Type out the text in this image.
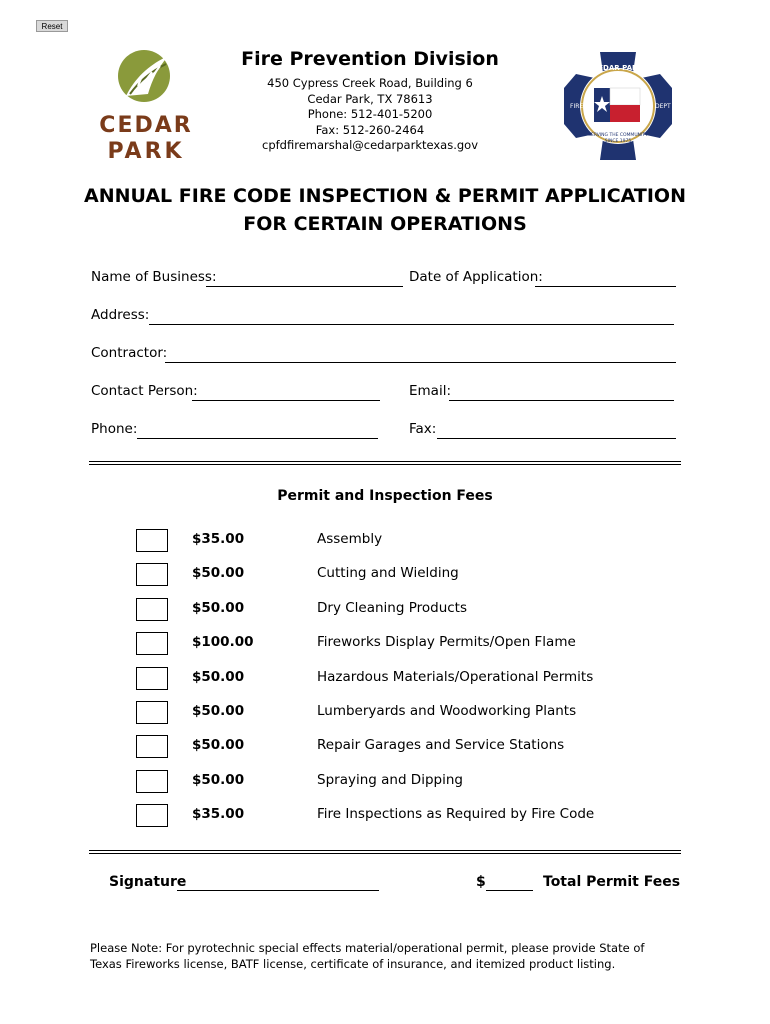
Reset
CEDAR
PARK
CEDAR PARK
FIRE	DEPT
SERVING THE COMMUNITY
SINCE 1975
Fire Prevention Division
450 Cypress Creek Road, Building 6
Cedar Park, TX 78613
Phone: 512-401-5200
Fax: 512-260-2464
cpfdfiremarshal@cedarparktexas.gov
ANNUAL FIRE CODE INSPECTION & PERMIT APPLICATION
FOR CERTAIN OPERATIONS
Name of Business:	Date of Application:
Address:
Contractor:
Contact Person:	Email:
Phone:	Fax:
Permit and Inspection Fees
$35.00	Assembly
$50.00	Cutting and Wielding
$50.00	Dry Cleaning Products
$100.00	Fireworks Display Permits/Open Flame
$50.00	Hazardous Materials/Operational Permits
$50.00	Lumberyards and Woodworking Plants
$50.00	Repair Garages and Service Stations
$50.00	Spraying and Dipping
$35.00	Fire Inspections as Required by Fire Code
Signature	$	Total Permit Fees
Please Note: For pyrotechnic special effects material/operational permit, please provide State of Texas Fireworks license, BATF license, certificate of insurance, and itemized product listing.
